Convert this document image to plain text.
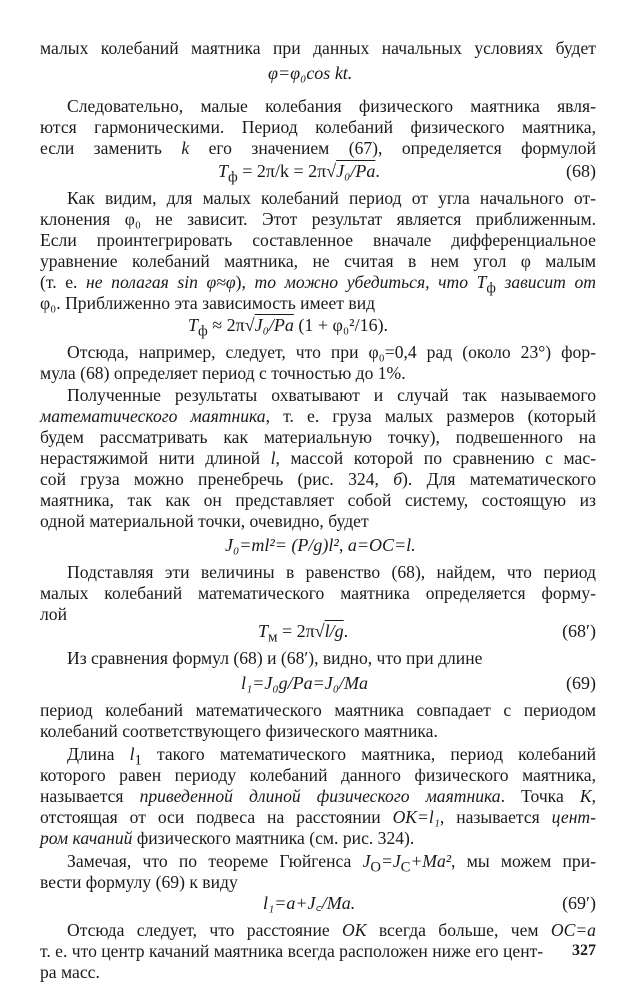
малых колебаний маятника при данных начальных условиях будет
φ=φ₀cos kt.
Следовательно, малые колебания физического маятника явля-
ются гармоническими. Период колебаний физического маятника,
если заменить k его значением (67), определяется формулой
$T_ф = 2\pi/k = 2\pi√J_0/Pa$.	(68)
Как видим, для малых колебаний период от угла начального от-
клонения φ₀ не зависит. Этот результат является приближенным.
Если проинтегрировать составленное вначале дифференциальное
уравнение колебаний маятника, не считая в нем угол φ малым
(т. е. не полагая sin φ≈φ), то можно убедиться, что $T_ф$ зависит от
φ₀. Приближенно эта зависимость имеет вид
$T_ф \approx 2\pi√J_0/Pa$ (1 + φ₀²/16).
Отсюда, например, следует, что при φ₀=0,4 рад (около 23°) фор-
мула (68) определяет период с точностью до 1%.
Полученные результаты охватывают и случай так называемого
математического маятника, т. е. груза малых размеров (который
будем рассматривать как материальную точку), подвешенного на
нерастяжимой нити длиной l, массой которой по сравнению с мас-
сой груза можно пренебречь (рис. 324, б). Для математического
маятника, так как он представляет собой систему, состоящую из
одной материальной точки, очевидно, будет
J₀=ml²= (P/g)l², a=OC=l.
Подставляя эти величины в равенство (68), найдем, что период
малых колебаний математического маятника определяется форму-
лой
$T_м = 2\pi√l/g$.	(68′)
Из сравнения формул (68) и (68′), видно, что при длине
l₁=J₀g/Pa=J₀/Ma	(69)
период колебаний математического маятника совпадает с периодом
колебаний соответствующего физического маятника.
Длина $l_1$ такого математического маятника, период колебаний
которого равен периоду колебаний данного физического маятника,
называется приведенной длиной физического маятника. Точка K,
отстоящая от оси подвеса на расстоянии OK=l₁, называется цент-
ром качаний физического маятника (см. рис. 324).
Замечая, что по теореме Гюйгенса $J_O=J_C+Ma^2$, мы можем при-
вести формулу (69) к виду
l₁=a+J꜀/Ma.	(69′)
Отсюда следует, что расстояние OK всегда больше, чем OC=a
т. е. что центр качаний маятника всегда расположен ниже его цент-
ра масс.
327
